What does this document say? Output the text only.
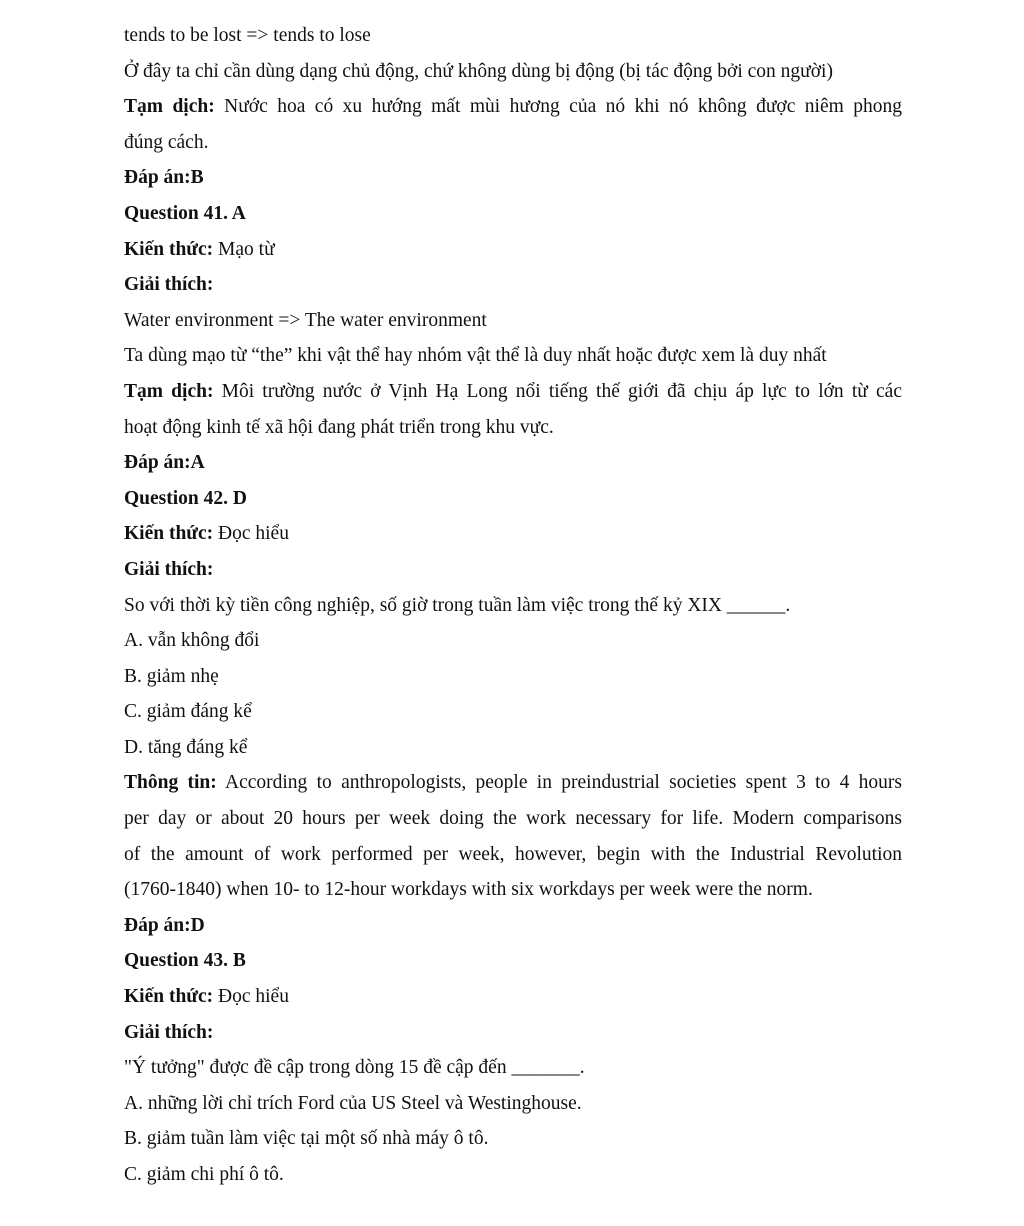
tends to be lost => tends to lose
Ở đây ta chỉ cần dùng dạng chủ động, chứ không dùng bị động (bị tác động bởi con người)
Tạm dịch: Nước hoa có xu hướng mất mùi hương của nó khi nó không được niêm phong
đúng cách.
Đáp án:B
Question 41. A
Kiến thức: Mạo từ
Giải thích:
Water environment => The water environment
Ta dùng mạo từ “the” khi vật thể hay nhóm vật thể là duy nhất hoặc được xem là duy nhất
Tạm dịch: Môi trường nước ở Vịnh Hạ Long nổi tiếng thế giới đã chịu áp lực to lớn từ các
hoạt động kinh tế xã hội đang phát triển trong khu vực.
Đáp án:A
Question 42. D
Kiến thức: Đọc hiểu
Giải thích:
So với thời kỳ tiền công nghiệp, số giờ trong tuần làm việc trong thế kỷ XIX ______.
A. vẫn không đổi
B. giảm nhẹ
C. giảm đáng kể
D. tăng đáng kể
Thông tin: According to anthropologists, people in preindustrial societies spent 3 to 4 hours
per day or about 20 hours per week doing the work necessary for life. Modern comparisons
of the amount of work performed per week, however, begin with the Industrial Revolution
(1760-1840) when 10- to 12-hour workdays with six workdays per week were the norm.
Đáp án:D
Question 43. B
Kiến thức: Đọc hiểu
Giải thích:
"Ý tưởng" được đề cập trong dòng 15 đề cập đến _______.
A. những lời chỉ trích Ford của US Steel và Westinghouse.
B. giảm tuần làm việc tại một số nhà máy ô tô.
C. giảm chi phí ô tô.
